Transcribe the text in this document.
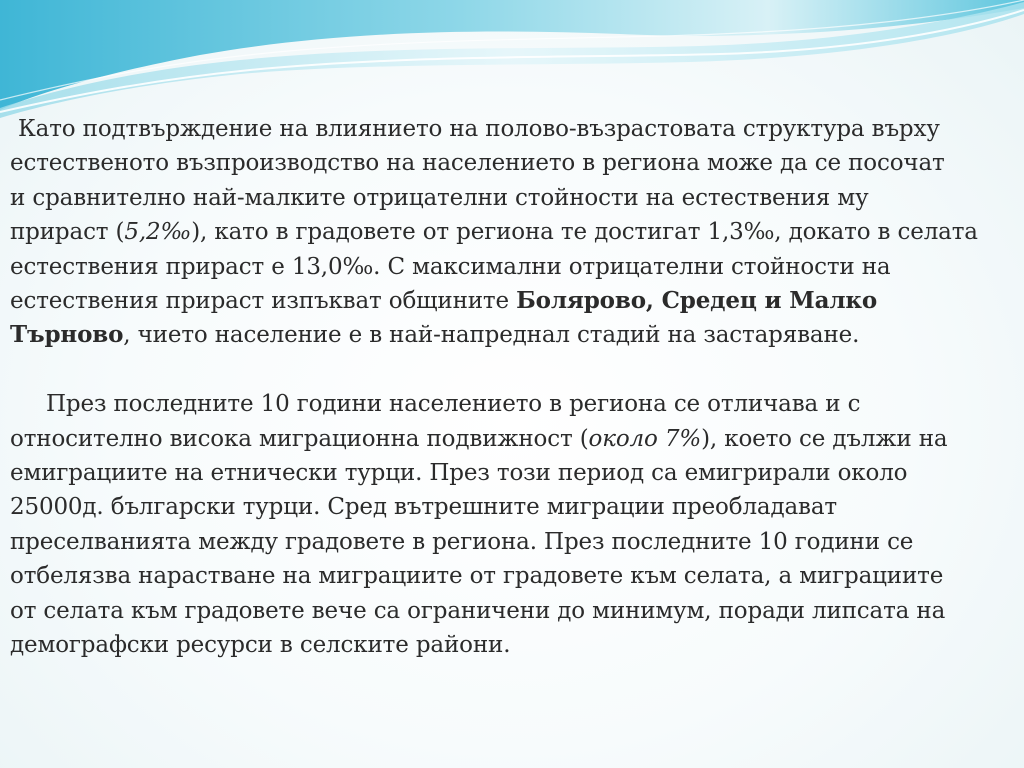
Като подтвърждение на влиянието на полово-възрастовата структура върху
естественото възпроизводство на населението в региона може да се посочат
и сравнително най-малките отрицателни стойности на естествения му
прираст (5,2‰), като в градовете от региона те достигат 1,3‰, докато в селата
естествения прираст е 13,0‰. С максимални отрицателни стойности на
естествения прираст изпъкват общините Болярово, Средец и Малко
Търново, чието население е в най-напреднал стадий на застаряване.
През последните 10 години населението в региона се отличава и с
относително висока миграционна подвижност (около 7%), което се дължи на
емиграциите на етнически турци. През този период са емигрирали около
25000д. български турци. Сред вътрешните миграции преобладават
преселванията между градовете в региона. През последните 10 години се
отбелязва нарастване на миграциите от градовете към селата, а миграциите
от селата към градовете вече са ограничени до минимум, поради липсата на
демографски ресурси в селските райони.
